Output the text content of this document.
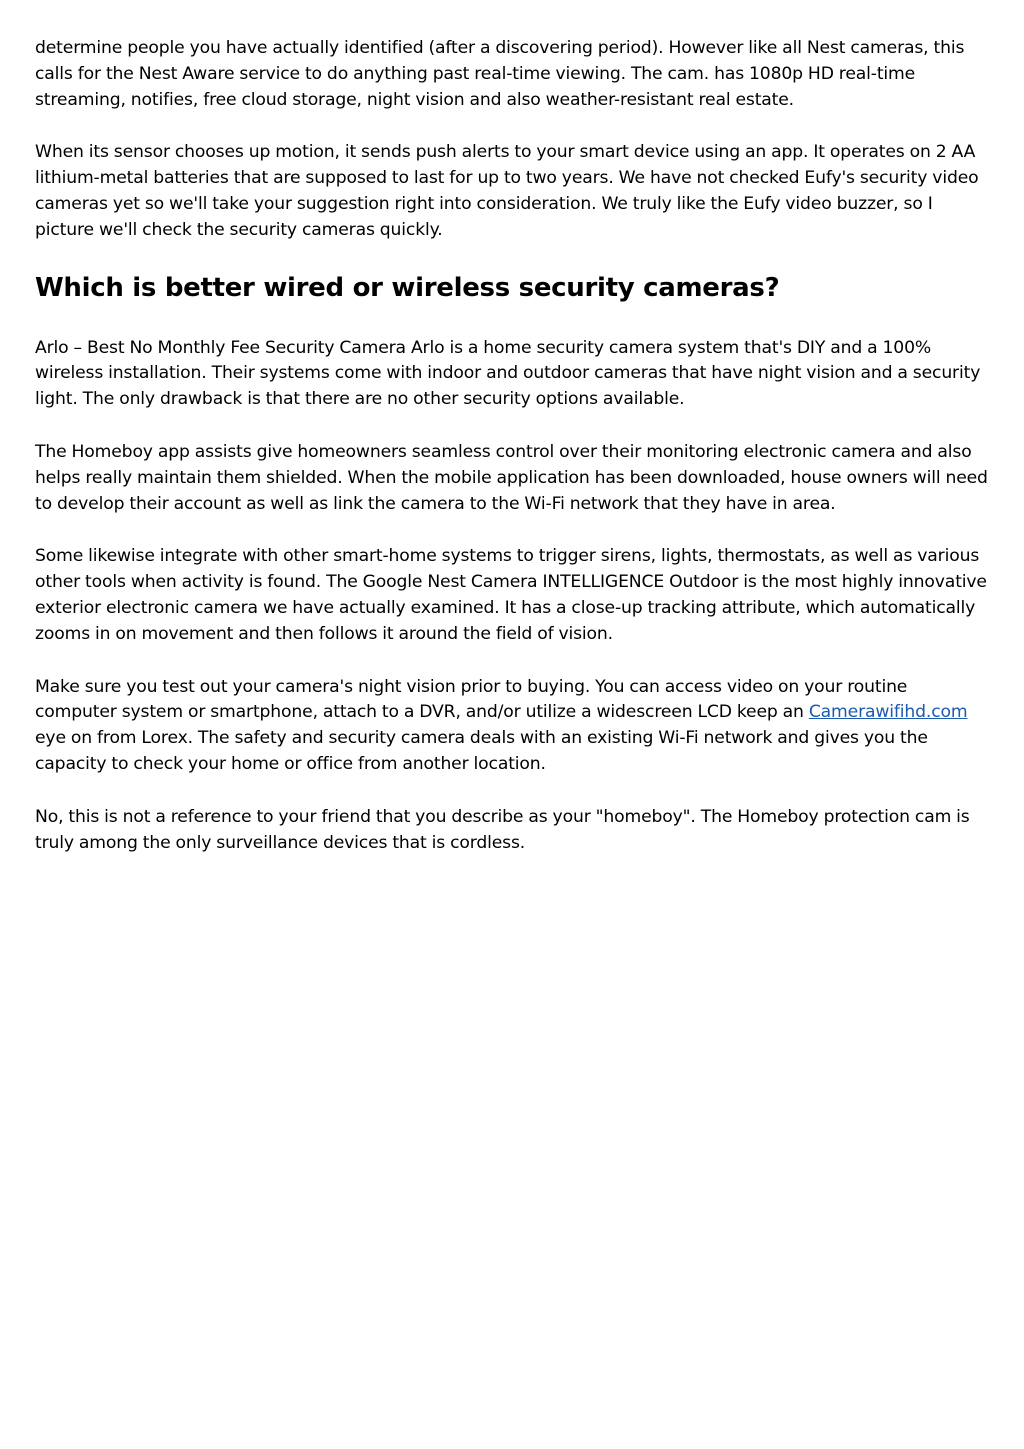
determine people you have actually identified (after a discovering period). However like all Nest cameras, this calls for the Nest Aware service to do anything past real-time viewing. The cam. has 1080p HD real-time streaming, notifies, free cloud storage, night vision and also weather-resistant real estate.

When its sensor chooses up motion, it sends push alerts to your smart device using an app. It operates on 2 AA lithium-metal batteries that are supposed to last for up to two years. We have not checked Eufy's security video cameras yet so we'll take your suggestion right into consideration. We truly like the Eufy video buzzer, so I picture we'll check the security cameras quickly.

Which is better wired or wireless security cameras?

Arlo – Best No Monthly Fee Security Camera Arlo is a home security camera system that's DIY and a 100% wireless installation. Their systems come with indoor and outdoor cameras that have night vision and a security light. The only drawback is that there are no other security options available.

The Homeboy app assists give homeowners seamless control over their monitoring electronic camera and also helps really maintain them shielded. When the mobile application has been downloaded, house owners will need to develop their account as well as link the camera to the Wi-Fi network that they have in area.

Some likewise integrate with other smart-home systems to trigger sirens, lights, thermostats, as well as various other tools when activity is found. The Google Nest Camera INTELLIGENCE Outdoor is the most highly innovative exterior electronic camera we have actually examined. It has a close-up tracking attribute, which automatically zooms in on movement and then follows it around the field of vision.

Make sure you test out your camera's night vision prior to buying. You can access video on your routine computer system or smartphone, attach to a DVR, and/or utilize a widescreen LCD keep an Camerawifihd.com eye on from Lorex. The safety and security camera deals with an existing Wi-Fi network and gives you the capacity to check your home or office from another location.

No, this is not a reference to your friend that you describe as your "homeboy". The Homeboy protection cam is truly among the only surveillance devices that is cordless.
